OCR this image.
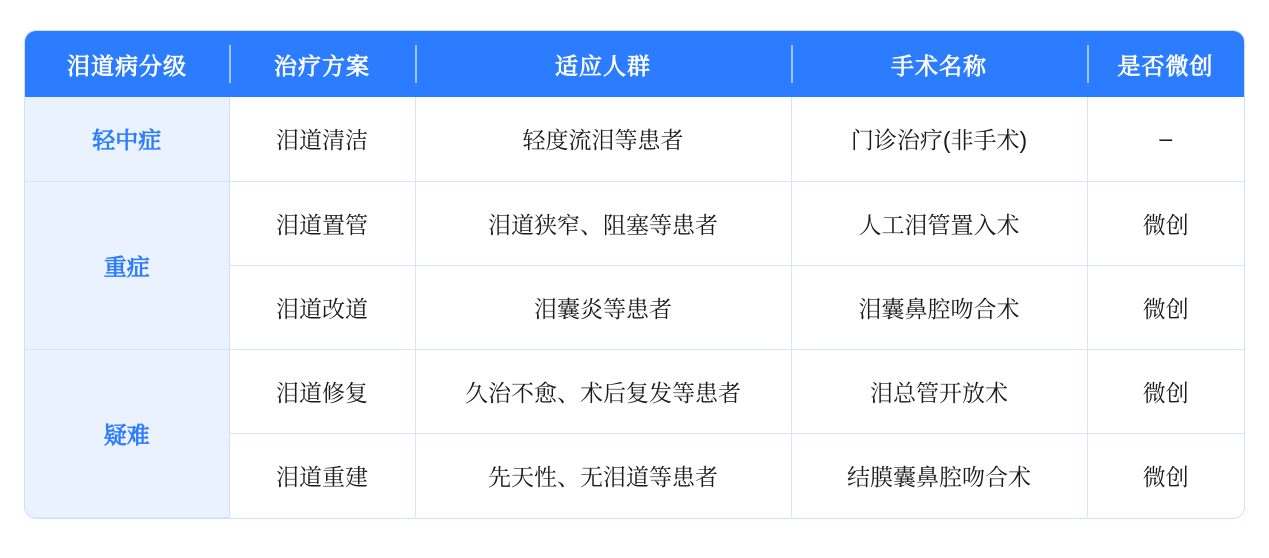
泪道病分级	治疗方案	适应人群	手术名称	是否微创
轻中症	泪道清洁	轻度流泪等患者	门诊治疗(非手术)	–
重症	泪道置管	泪道狭窄、阻塞等患者	人工泪管置入术	微创
	泪道改道	泪囊炎等患者	泪囊鼻腔吻合术	微创
疑难	泪道修复	久治不愈、术后复发等患者	泪总管开放术	微创
	泪道重建	先天性、无泪道等患者	结膜囊鼻腔吻合术	微创
